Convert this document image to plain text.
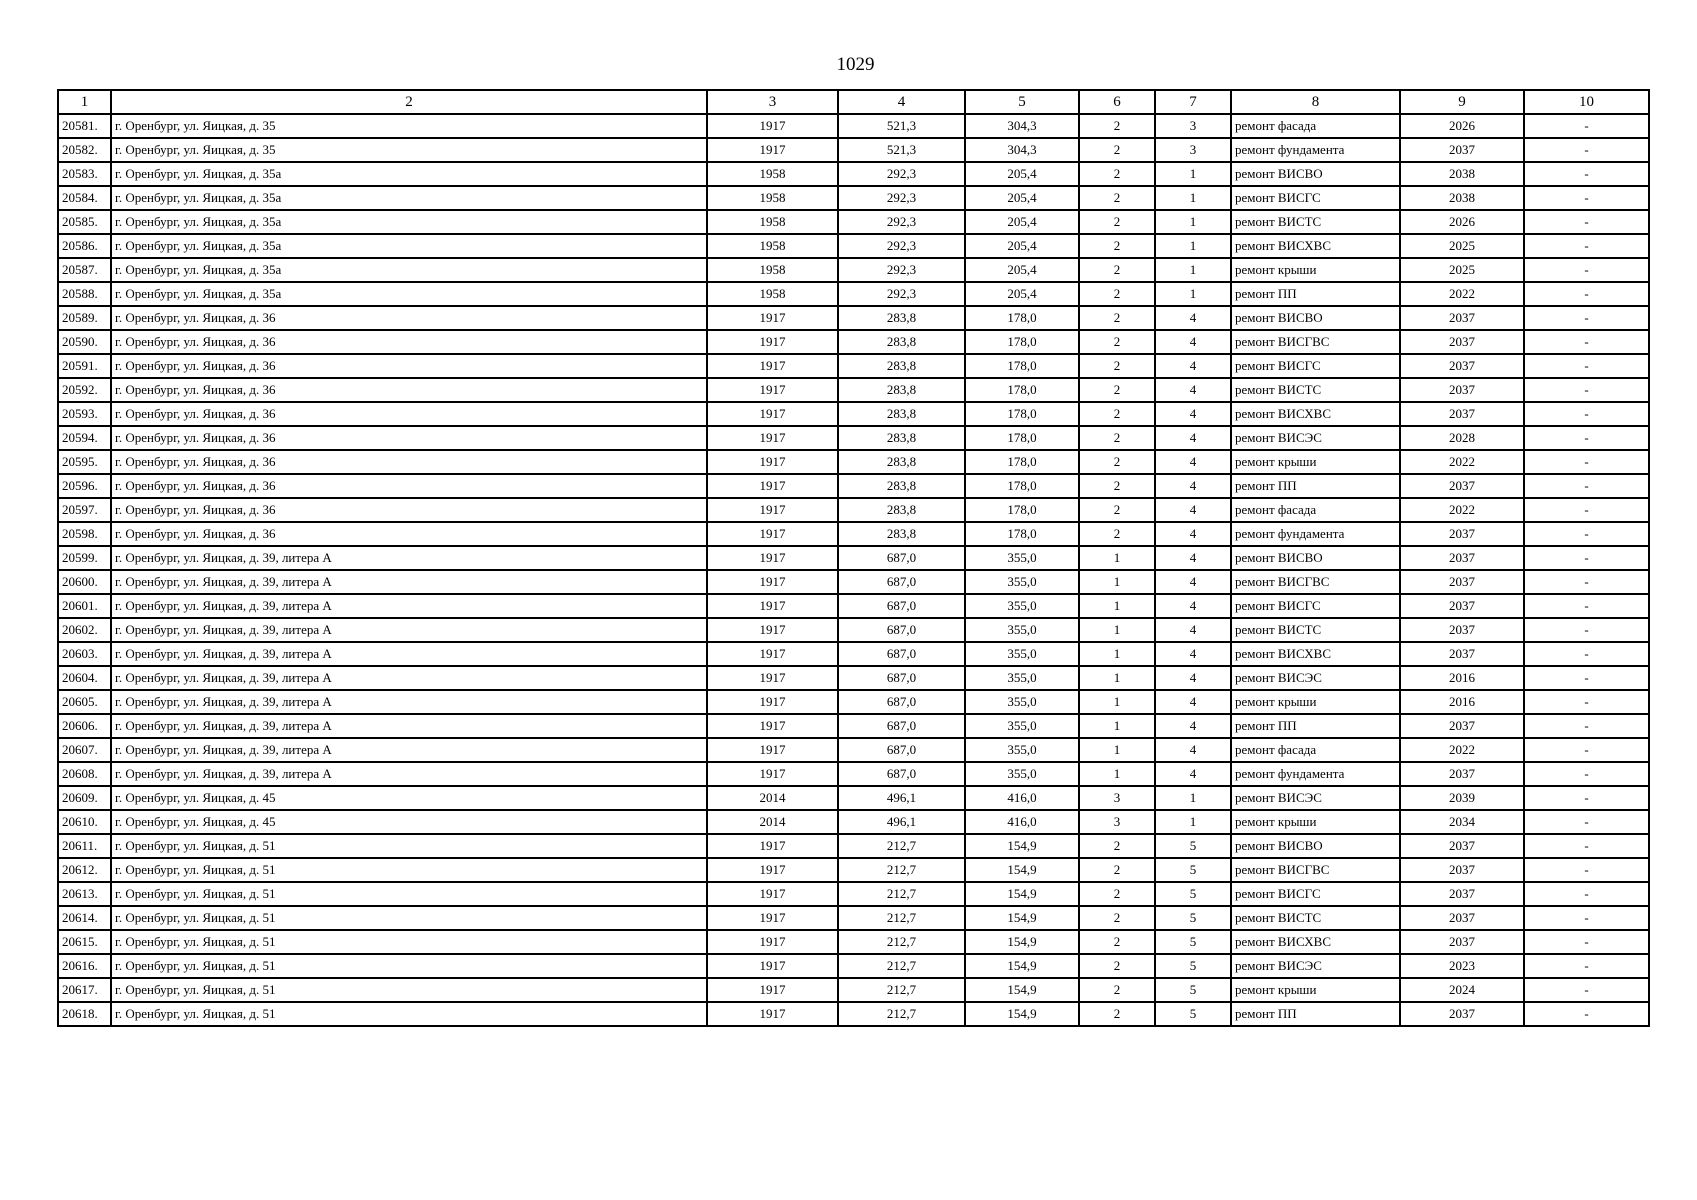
1029
1	2	3	4	5	6	7	8	9	10
20581.	г. Оренбург, ул. Яицкая, д. 35	1917	521,3	304,3	2	3	ремонт фасада	2026	-
20582.	г. Оренбург, ул. Яицкая, д. 35	1917	521,3	304,3	2	3	ремонт фундамента	2037	-
20583.	г. Оренбург, ул. Яицкая, д. 35а	1958	292,3	205,4	2	1	ремонт ВИСВО	2038	-
20584.	г. Оренбург, ул. Яицкая, д. 35а	1958	292,3	205,4	2	1	ремонт ВИСГС	2038	-
20585.	г. Оренбург, ул. Яицкая, д. 35а	1958	292,3	205,4	2	1	ремонт ВИСТС	2026	-
20586.	г. Оренбург, ул. Яицкая, д. 35а	1958	292,3	205,4	2	1	ремонт ВИСХВС	2025	-
20587.	г. Оренбург, ул. Яицкая, д. 35а	1958	292,3	205,4	2	1	ремонт крыши	2025	-
20588.	г. Оренбург, ул. Яицкая, д. 35а	1958	292,3	205,4	2	1	ремонт ПП	2022	-
20589.	г. Оренбург, ул. Яицкая, д. 36	1917	283,8	178,0	2	4	ремонт ВИСВО	2037	-
20590.	г. Оренбург, ул. Яицкая, д. 36	1917	283,8	178,0	2	4	ремонт ВИСГВС	2037	-
20591.	г. Оренбург, ул. Яицкая, д. 36	1917	283,8	178,0	2	4	ремонт ВИСГС	2037	-
20592.	г. Оренбург, ул. Яицкая, д. 36	1917	283,8	178,0	2	4	ремонт ВИСТС	2037	-
20593.	г. Оренбург, ул. Яицкая, д. 36	1917	283,8	178,0	2	4	ремонт ВИСХВС	2037	-
20594.	г. Оренбург, ул. Яицкая, д. 36	1917	283,8	178,0	2	4	ремонт ВИСЭС	2028	-
20595.	г. Оренбург, ул. Яицкая, д. 36	1917	283,8	178,0	2	4	ремонт крыши	2022	-
20596.	г. Оренбург, ул. Яицкая, д. 36	1917	283,8	178,0	2	4	ремонт ПП	2037	-
20597.	г. Оренбург, ул. Яицкая, д. 36	1917	283,8	178,0	2	4	ремонт фасада	2022	-
20598.	г. Оренбург, ул. Яицкая, д. 36	1917	283,8	178,0	2	4	ремонт фундамента	2037	-
20599.	г. Оренбург, ул. Яицкая, д. 39, литера А	1917	687,0	355,0	1	4	ремонт ВИСВО	2037	-
20600.	г. Оренбург, ул. Яицкая, д. 39, литера А	1917	687,0	355,0	1	4	ремонт ВИСГВС	2037	-
20601.	г. Оренбург, ул. Яицкая, д. 39, литера А	1917	687,0	355,0	1	4	ремонт ВИСГС	2037	-
20602.	г. Оренбург, ул. Яицкая, д. 39, литера А	1917	687,0	355,0	1	4	ремонт ВИСТС	2037	-
20603.	г. Оренбург, ул. Яицкая, д. 39, литера А	1917	687,0	355,0	1	4	ремонт ВИСХВС	2037	-
20604.	г. Оренбург, ул. Яицкая, д. 39, литера А	1917	687,0	355,0	1	4	ремонт ВИСЭС	2016	-
20605.	г. Оренбург, ул. Яицкая, д. 39, литера А	1917	687,0	355,0	1	4	ремонт крыши	2016	-
20606.	г. Оренбург, ул. Яицкая, д. 39, литера А	1917	687,0	355,0	1	4	ремонт ПП	2037	-
20607.	г. Оренбург, ул. Яицкая, д. 39, литера А	1917	687,0	355,0	1	4	ремонт фасада	2022	-
20608.	г. Оренбург, ул. Яицкая, д. 39, литера А	1917	687,0	355,0	1	4	ремонт фундамента	2037	-
20609.	г. Оренбург, ул. Яицкая, д. 45	2014	496,1	416,0	3	1	ремонт ВИСЭС	2039	-
20610.	г. Оренбург, ул. Яицкая, д. 45	2014	496,1	416,0	3	1	ремонт крыши	2034	-
20611.	г. Оренбург, ул. Яицкая, д. 51	1917	212,7	154,9	2	5	ремонт ВИСВО	2037	-
20612.	г. Оренбург, ул. Яицкая, д. 51	1917	212,7	154,9	2	5	ремонт ВИСГВС	2037	-
20613.	г. Оренбург, ул. Яицкая, д. 51	1917	212,7	154,9	2	5	ремонт ВИСГС	2037	-
20614.	г. Оренбург, ул. Яицкая, д. 51	1917	212,7	154,9	2	5	ремонт ВИСТС	2037	-
20615.	г. Оренбург, ул. Яицкая, д. 51	1917	212,7	154,9	2	5	ремонт ВИСХВС	2037	-
20616.	г. Оренбург, ул. Яицкая, д. 51	1917	212,7	154,9	2	5	ремонт ВИСЭС	2023	-
20617.	г. Оренбург, ул. Яицкая, д. 51	1917	212,7	154,9	2	5	ремонт крыши	2024	-
20618.	г. Оренбург, ул. Яицкая, д. 51	1917	212,7	154,9	2	5	ремонт ПП	2037	-
